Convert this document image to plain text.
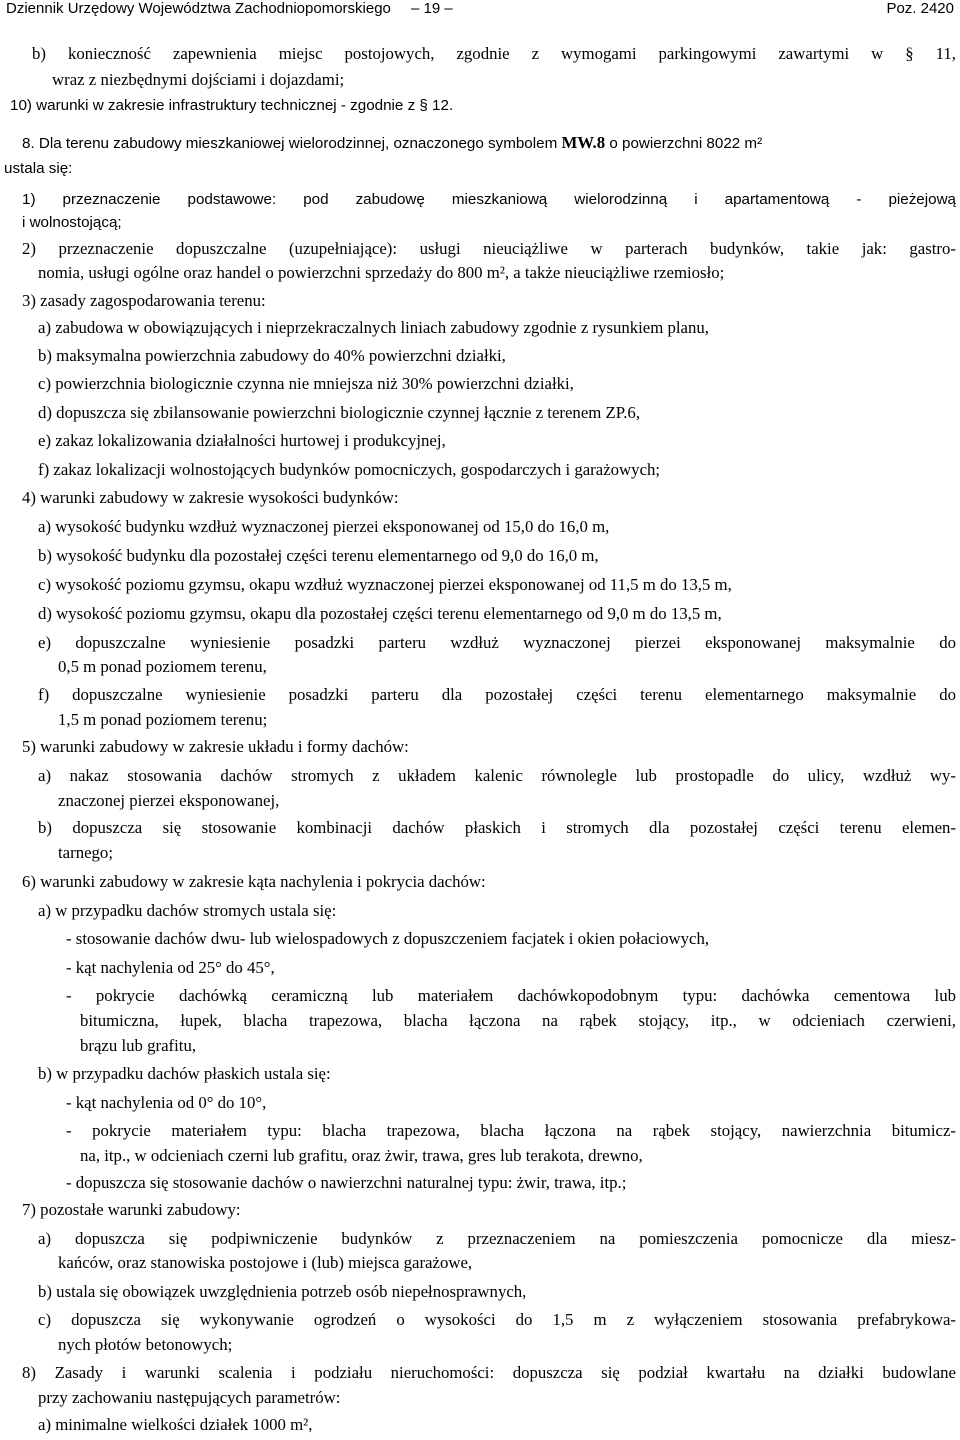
Dziennik Urzędowy Województwa Zachodniopomorskiego – 19 –	Poz. 2420
b) konieczność zapewnienia miejsc postojowych, zgodnie z wymogami parkingowymi zawartymi w § 11,
wraz z niezbędnymi dojściami i dojazdami;
10) warunki w zakresie infrastruktury technicznej - zgodnie z § 12.
8. Dla terenu zabudowy mieszkaniowej wielorodzinnej, oznaczonego symbolem MW.8 o powierzchni 8022 m²
ustala się:
1) przeznaczenie podstawowe: pod zabudowę mieszkaniową wielorodzinną i apartamentową - pieżejową
i wolnostojącą;
2) przeznaczenie dopuszczalne (uzupełniające): usługi nieuciążliwe w parterach budynków, takie jak: gastro-
nomia, usługi ogólne oraz handel o powierzchni sprzedaży do 800 m², a także nieuciążliwe rzemiosło;
3) zasady zagospodarowania terenu:
a) zabudowa w obowiązujących i nieprzekraczalnych liniach zabudowy zgodnie z rysunkiem planu,
b) maksymalna powierzchnia zabudowy do 40% powierzchni działki,
c) powierzchnia biologicznie czynna nie mniejsza niż 30% powierzchni działki,
d) dopuszcza się zbilansowanie powierzchni biologicznie czynnej łącznie z terenem ZP.6,
e) zakaz lokalizowania działalności hurtowej i produkcyjnej,
f) zakaz lokalizacji wolnostojących budynków pomocniczych, gospodarczych i garażowych;
4) warunki zabudowy w zakresie wysokości budynków:
a) wysokość budynku wzdłuż wyznaczonej pierzei eksponowanej od 15,0 do 16,0 m,
b) wysokość budynku dla pozostałej części terenu elementarnego od 9,0 do 16,0 m,
c) wysokość poziomu gzymsu, okapu wzdłuż wyznaczonej pierzei eksponowanej od 11,5 m do 13,5 m,
d) wysokość poziomu gzymsu, okapu dla pozostałej części terenu elementarnego od 9,0 m do 13,5 m,
e) dopuszczalne wyniesienie posadzki parteru wzdłuż wyznaczonej pierzei eksponowanej maksymalnie do
0,5 m ponad poziomem terenu,
f) dopuszczalne wyniesienie posadzki parteru dla pozostałej części terenu elementarnego maksymalnie do
1,5 m ponad poziomem terenu;
5) warunki zabudowy w zakresie układu i formy dachów:
a) nakaz stosowania dachów stromych z układem kalenic równolegle lub prostopadle do ulicy, wzdłuż wy-
znaczonej pierzei eksponowanej,
b) dopuszcza się stosowanie kombinacji dachów płaskich i stromych dla pozostałej części terenu elemen-
tarnego;
6) warunki zabudowy w zakresie kąta nachylenia i pokrycia dachów:
a) w przypadku dachów stromych ustala się:
- stosowanie dachów dwu- lub wielospadowych z dopuszczeniem facjatek i okien połaciowych,
- kąt nachylenia od 25° do 45°,
- pokrycie dachówką ceramiczną lub materiałem dachówkopodobnym typu: dachówka cementowa lub
bitumiczna, łupek, blacha trapezowa, blacha łączona na rąbek stojący, itp., w odcieniach czerwieni,
brązu lub grafitu,
b) w przypadku dachów płaskich ustala się:
- kąt nachylenia od 0° do 10°,
- pokrycie materiałem typu: blacha trapezowa, blacha łączona na rąbek stojący, nawierzchnia bitumicz-
na, itp., w odcieniach czerni lub grafitu, oraz żwir, trawa, gres lub terakota, drewno,
- dopuszcza się stosowanie dachów o nawierzchni naturalnej typu: żwir, trawa, itp.;
7) pozostałe warunki zabudowy:
a) dopuszcza się podpiwniczenie budynków z przeznaczeniem na pomieszczenia pomocnicze dla miesz-
kańców, oraz stanowiska postojowe i (lub) miejsca garażowe,
b) ustala się obowiązek uwzględnienia potrzeb osób niepełnosprawnych,
c) dopuszcza się wykonywanie ogrodzeń o wysokości do 1,5 m z wyłączeniem stosowania prefabrykowa-
nych płotów betonowych;
8) Zasady i warunki scalenia i podziału nieruchomości: dopuszcza się podział kwartału na działki budowlane
przy zachowaniu następujących parametrów:
a) minimalne wielkości działek 1000 m²,
